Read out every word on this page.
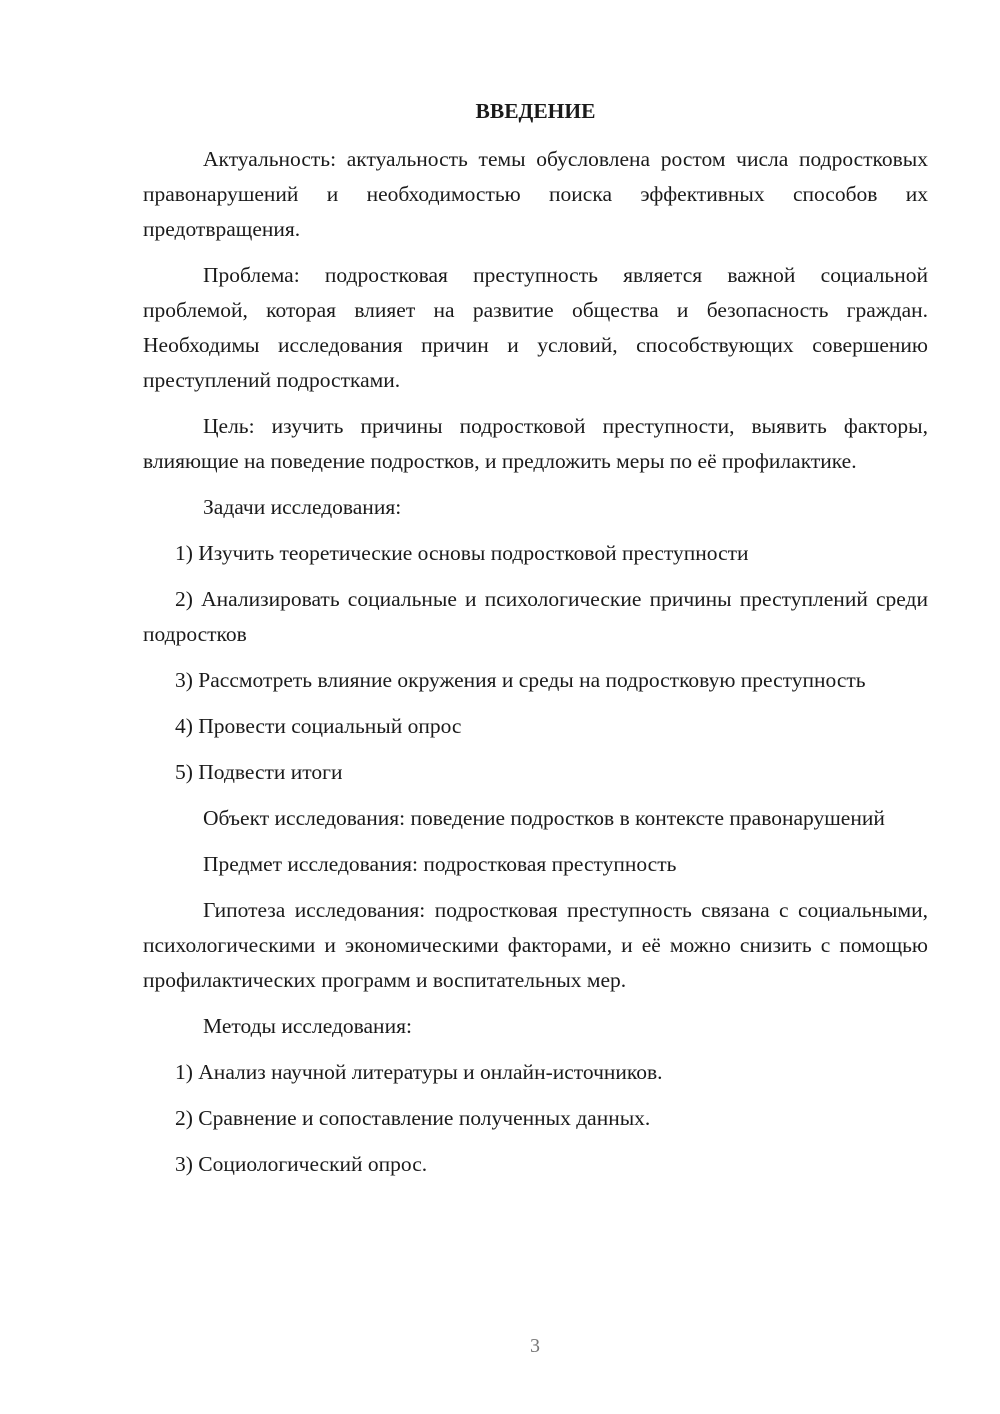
ВВЕДЕНИЕ

Актуальность: актуальность темы обусловлена ростом числа подростковых правонарушений и необходимостью поиска эффективных способов их предотвращения.

Проблема: подростковая преступность является важной социальной проблемой, которая влияет на развитие общества и безопасность граждан. Необходимы исследования причин и условий, способствующих совершению преступлений подростками.

Цель: изучить причины подростковой преступности, выявить факторы, влияющие на поведение подростков, и предложить меры по её профилактике.

Задачи исследования:

1) Изучить теоретические основы подростковой преступности

2) Анализировать социальные и психологические причины преступлений среди подростков

3) Рассмотреть влияние окружения и среды на подростковую преступность

4) Провести социальный опрос

5) Подвести итоги

Объект исследования: поведение подростков в контексте правонарушений

Предмет исследования: подростковая преступность

Гипотеза исследования: подростковая преступность связана с социальными, психологическими и экономическими факторами, и её можно снизить с помощью профилактических программ и воспитательных мер.

Методы исследования:

1) Анализ научной литературы и онлайн-источников.

2) Сравнение и сопоставление полученных данных.

3) Социологический опрос.

3
